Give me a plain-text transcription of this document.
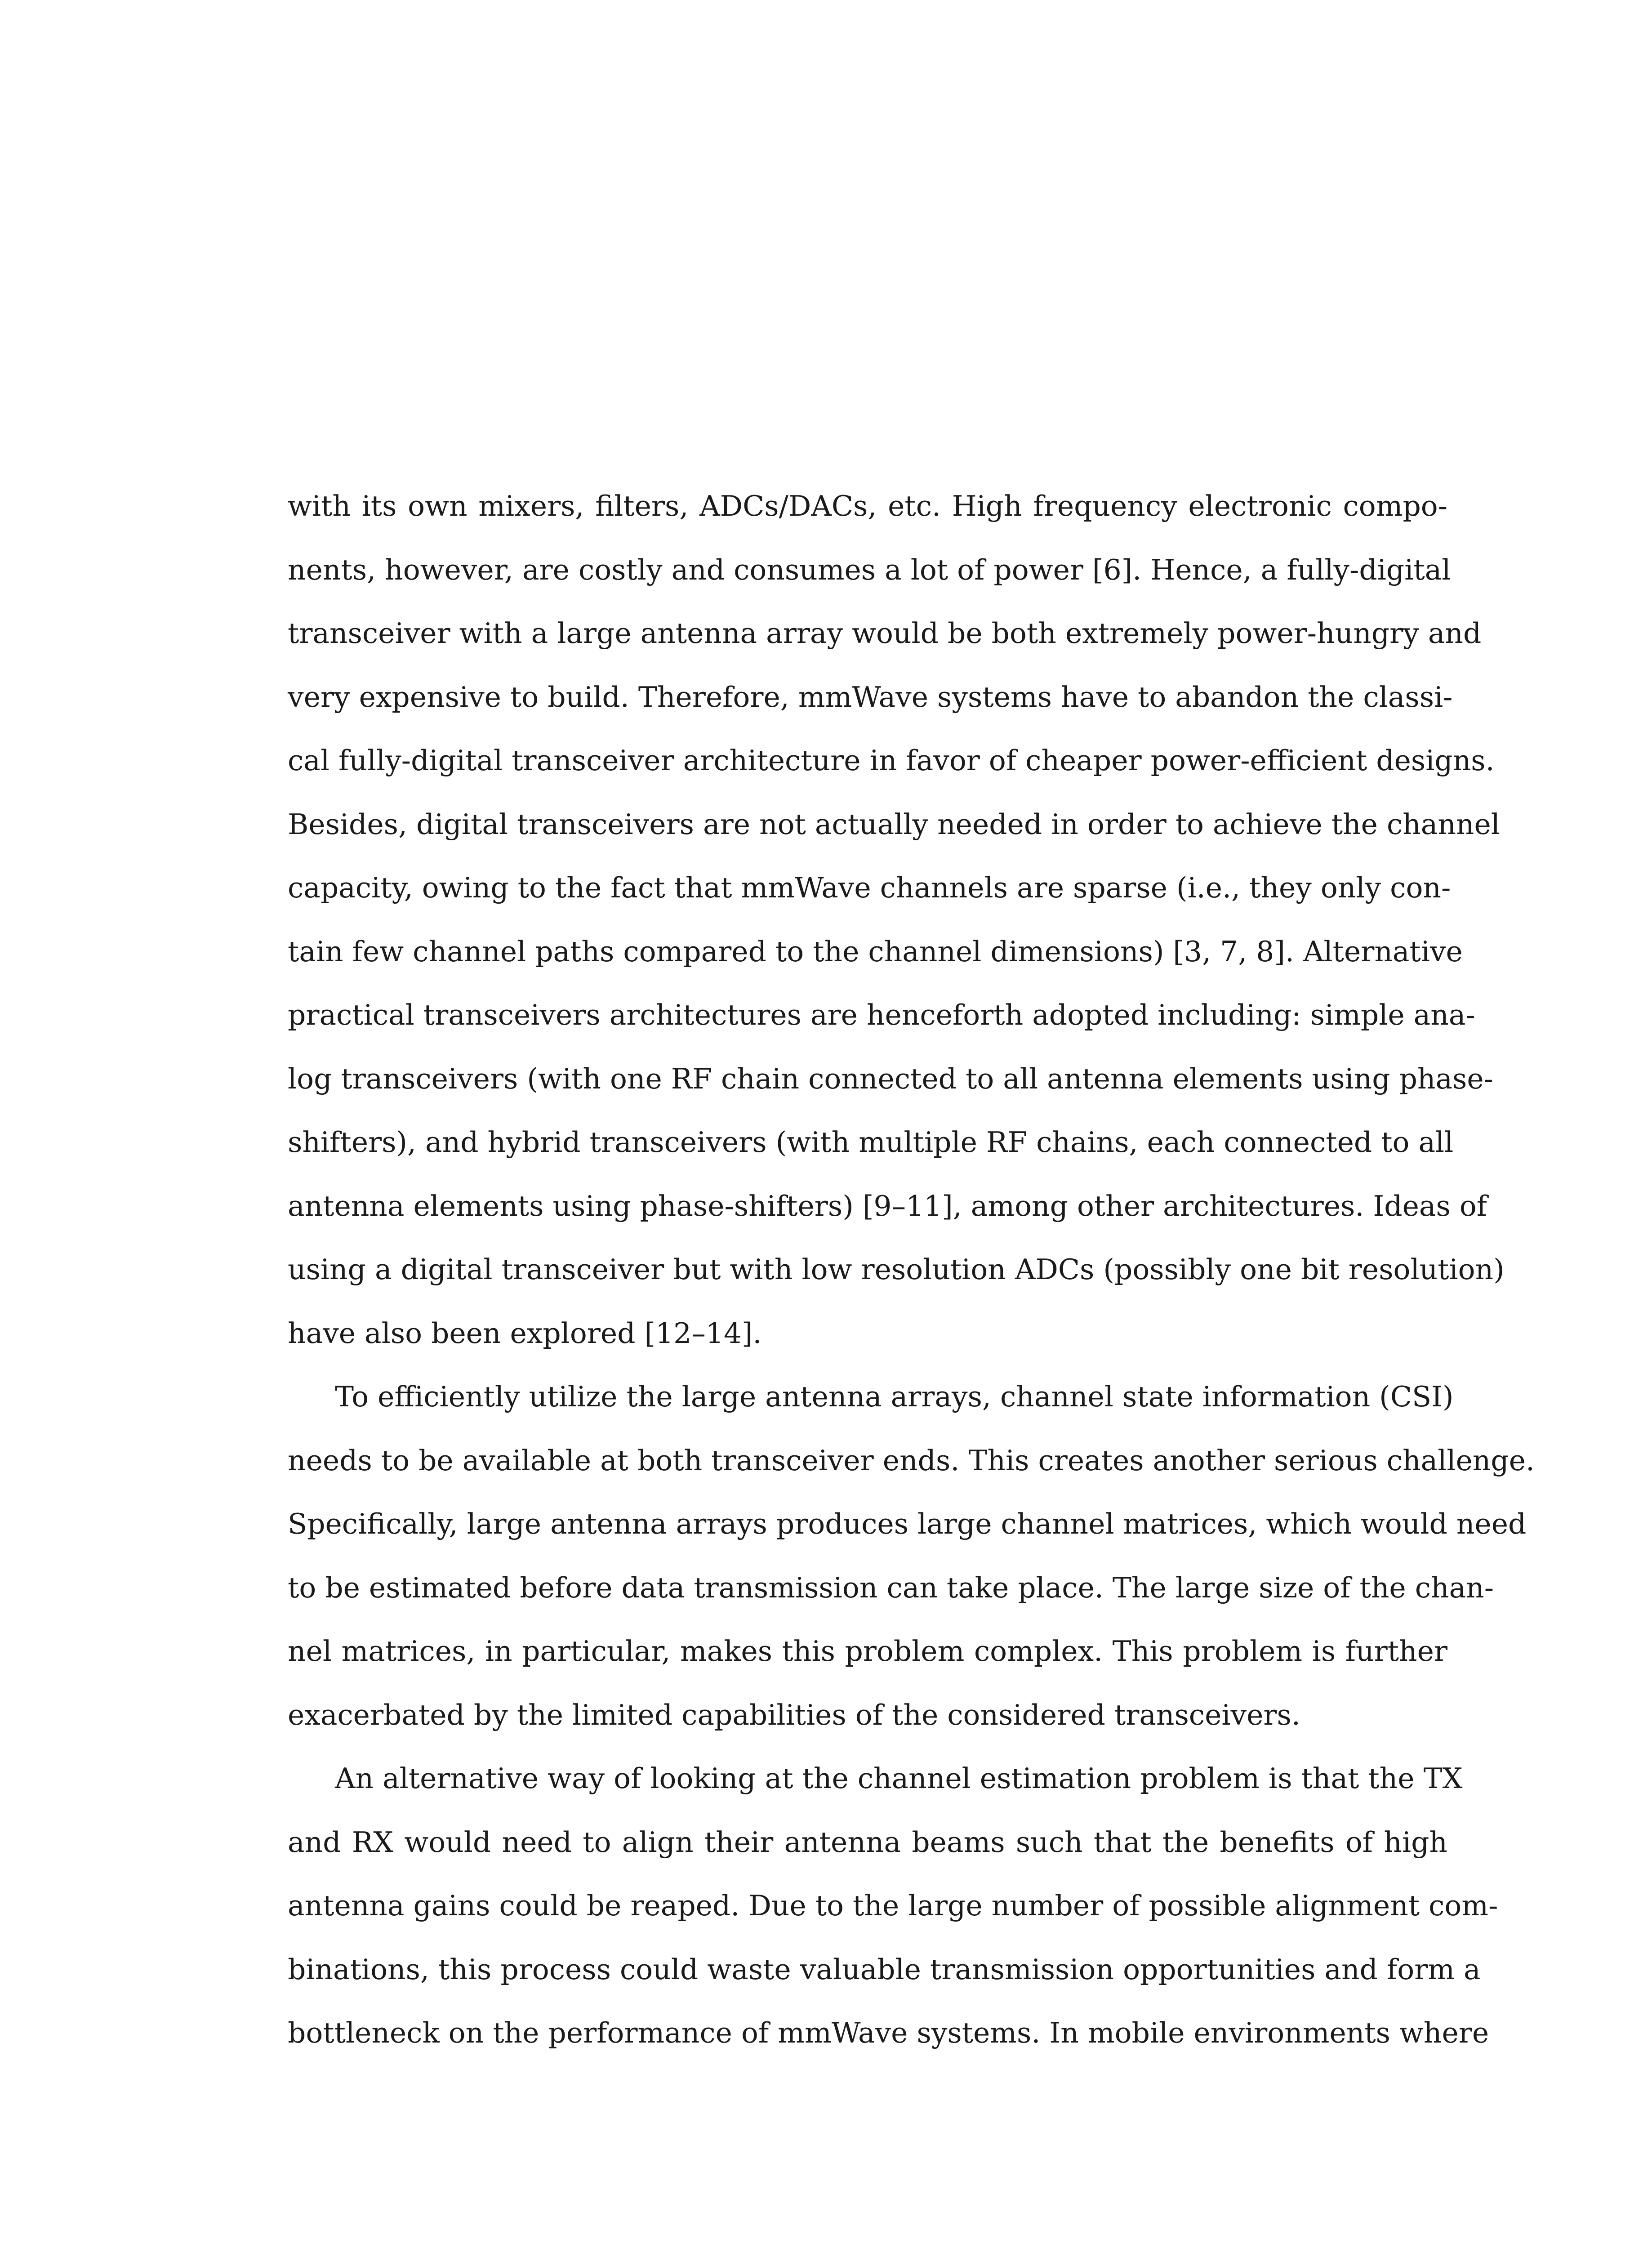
with its own mixers, filters, ADCs/DACs, etc. High frequency electronic compo-
nents, however, are costly and consumes a lot of power [6]. Hence, a fully-digital
transceiver with a large antenna array would be both extremely power-hungry and
very expensive to build. Therefore, mmWave systems have to abandon the classi-
cal fully-digital transceiver architecture in favor of cheaper power-efficient designs.
Besides, digital transceivers are not actually needed in order to achieve the channel
capacity, owing to the fact that mmWave channels are sparse (i.e., they only con-
tain few channel paths compared to the channel dimensions) [3, 7, 8]. Alternative
practical transceivers architectures are henceforth adopted including: simple ana-
log transceivers (with one RF chain connected to all antenna elements using phase-
shifters), and hybrid transceivers (with multiple RF chains, each connected to all
antenna elements using phase-shifters) [9–11], among other architectures. Ideas of
using a digital transceiver but with low resolution ADCs (possibly one bit resolution)
have also been explored [12–14].
To efficiently utilize the large antenna arrays, channel state information (CSI)
needs to be available at both transceiver ends. This creates another serious challenge.
Specifically, large antenna arrays produces large channel matrices, which would need
to be estimated before data transmission can take place. The large size of the chan-
nel matrices, in particular, makes this problem complex. This problem is further
exacerbated by the limited capabilities of the considered transceivers.
An alternative way of looking at the channel estimation problem is that the TX
and RX would need to align their antenna beams such that the benefits of high
antenna gains could be reaped. Due to the large number of possible alignment com-
binations, this process could waste valuable transmission opportunities and form a
bottleneck on the performance of mmWave systems. In mobile environments where
